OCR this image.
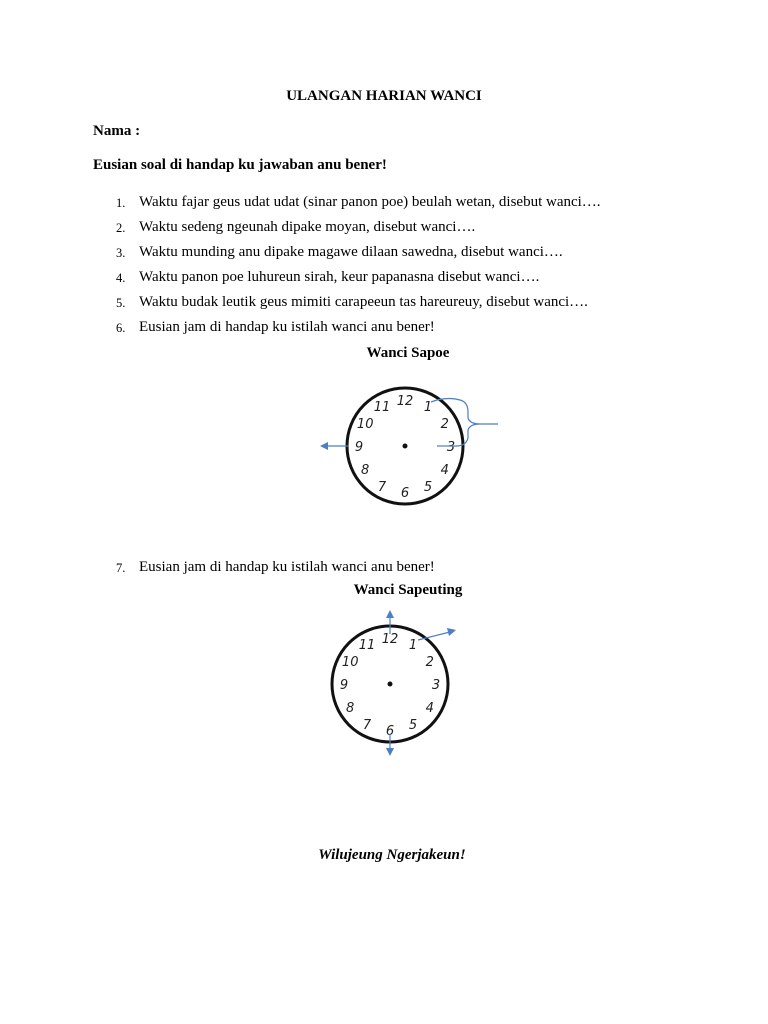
ULANGAN HARIAN WANCI
Nama :
Eusian soal di handap ku jawaban anu bener!
1. Waktu fajar geus udat udat (sinar panon poe) beulah wetan, disebut wanci….
2. Waktu sedeng ngeunah dipake moyan, disebut wanci….
3. Waktu munding anu dipake magawe dilaan sawedna, disebut wanci….
4. Waktu panon poe luhureun sirah, keur papanasna disebut wanci….
5. Waktu budak leutik geus mimiti carapeeun tas hareureuy, disebut wanci….
6. Eusian jam di handap ku istilah wanci anu bener!
Wanci Sapoe
12 1
2
3
4
5
6
7
8
9
10
11
7. Eusian jam di handap ku istilah wanci anu bener!
Wanci Sapeuting
12 1
2
3
4
5
6
7
8
9
10
11
Wilujeung Ngerjakeun!
